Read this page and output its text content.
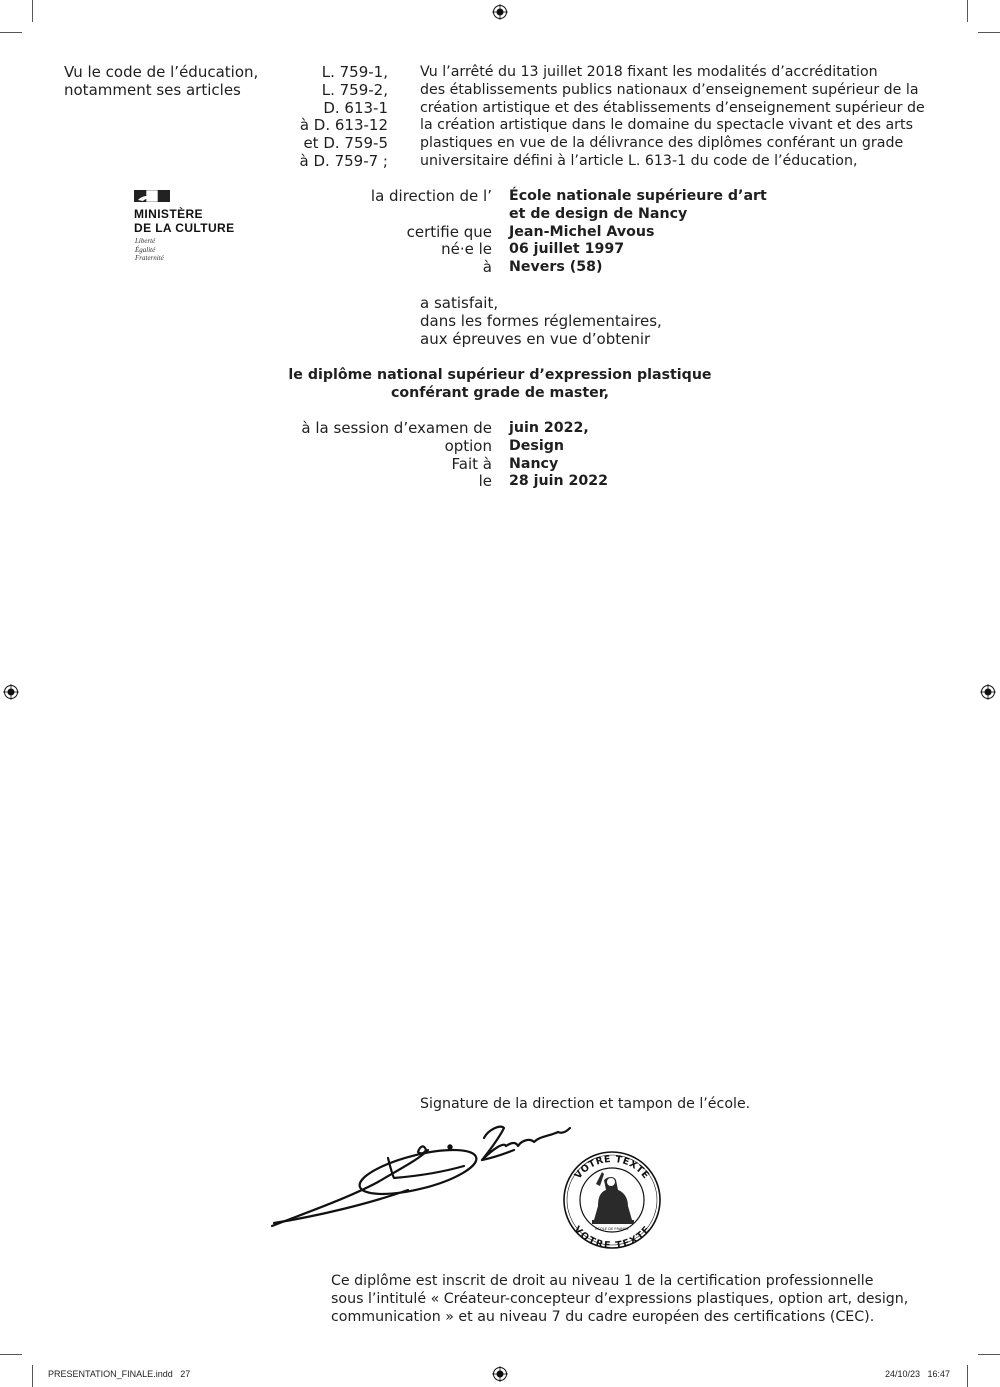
Vu le code de l’éducation,
notamment ses articles
L. 759-1,
L. 759-2,
D. 613-1
à D. 613-12
et D. 759-5
à D. 759-7 ;
Vu l’arrêté du 13 juillet 2018 fixant les modalités d’accréditation
des établissements publics nationaux d’enseignement supérieur de la
création artistique et des établissements d’enseignement supérieur de
la création artistique dans le domaine du spectacle vivant et des arts
plastiques en vue de la délivrance des diplômes conférant un grade
universitaire défini à l’article L. 613-1 du code de l’éducation,
MINISTÈRE
DE LA CULTURE
Liberté
Égalité
Fraternité
la direction de l’

certifie que
né·e le
à
École nationale supérieure d’art
et de design de Nancy
Jean-Michel Avous
06 juillet 1997
Nevers (58)
a satisfait,
dans les formes réglementaires,
aux épreuves en vue d’obtenir
le diplôme national supérieur d’expression plastique
conférant grade de master,
à la session d’examen de
option
Fait à
le
juin 2022,
Design
Nancy
28 juin 2022
Signature de la direction et tampon de l’école.
VOTRE TEXTE
VOTRE TEXTE
ÉCOLE DE FRANCE
Ce diplôme est inscrit de droit au niveau 1 de la certification professionnelle
sous l’intitulé « Créateur-concepteur d’expressions plastiques, option art, design,
communication » et au niveau 7 du cadre européen des certifications (CEC).
PRESENTATION_FINALE.indd   27	24/10/23   16:47
